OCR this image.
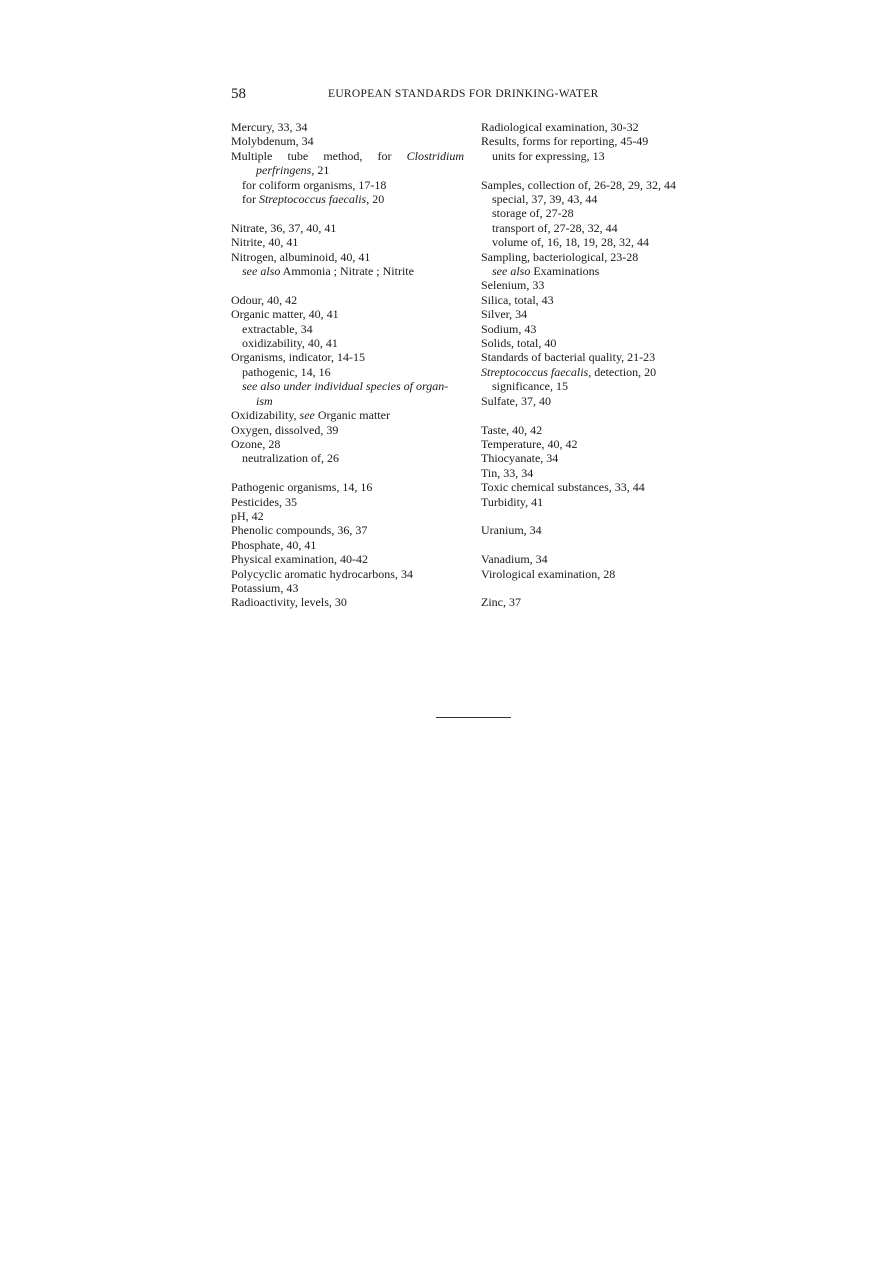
58	EUROPEAN STANDARDS FOR DRINKING-WATER
Mercury, 33, 34
Molybdenum, 34
Multiple tube method, for Clostridium
perfringens, 21
for coliform organisms, 17-18
for Streptococcus faecalis, 20
Nitrate, 36, 37, 40, 41
Nitrite, 40, 41
Nitrogen, albuminoid, 40, 41
see also Ammonia ; Nitrate ; Nitrite
Odour, 40, 42
Organic matter, 40, 41
extractable, 34
oxidizability, 40, 41
Organisms, indicator, 14-15
pathogenic, 14, 16
see also under individual species of organ-
ism
Oxidizability, see Organic matter
Oxygen, dissolved, 39
Ozone, 28
neutralization of, 26
Pathogenic organisms, 14, 16
Pesticides, 35
pH, 42
Phenolic compounds, 36, 37
Phosphate, 40, 41
Physical examination, 40-42
Polycyclic aromatic hydrocarbons, 34
Potassium, 43
Radioactivity, levels, 30
Radiological examination, 30-32
Results, forms for reporting, 45-49
units for expressing, 13
Samples, collection of, 26-28, 29, 32, 44
special, 37, 39, 43, 44
storage of, 27-28
transport of, 27-28, 32, 44
volume of, 16, 18, 19, 28, 32, 44
Sampling, bacteriological, 23-28
see also Examinations
Selenium, 33
Silica, total, 43
Silver, 34
Sodium, 43
Solids, total, 40
Standards of bacterial quality, 21-23
Streptococcus faecalis, detection, 20
significance, 15
Sulfate, 37, 40
Taste, 40, 42
Temperature, 40, 42
Thiocyanate, 34
Tin, 33, 34
Toxic chemical substances, 33, 44
Turbidity, 41
Uranium, 34
Vanadium, 34
Virological examination, 28
Zinc, 37
